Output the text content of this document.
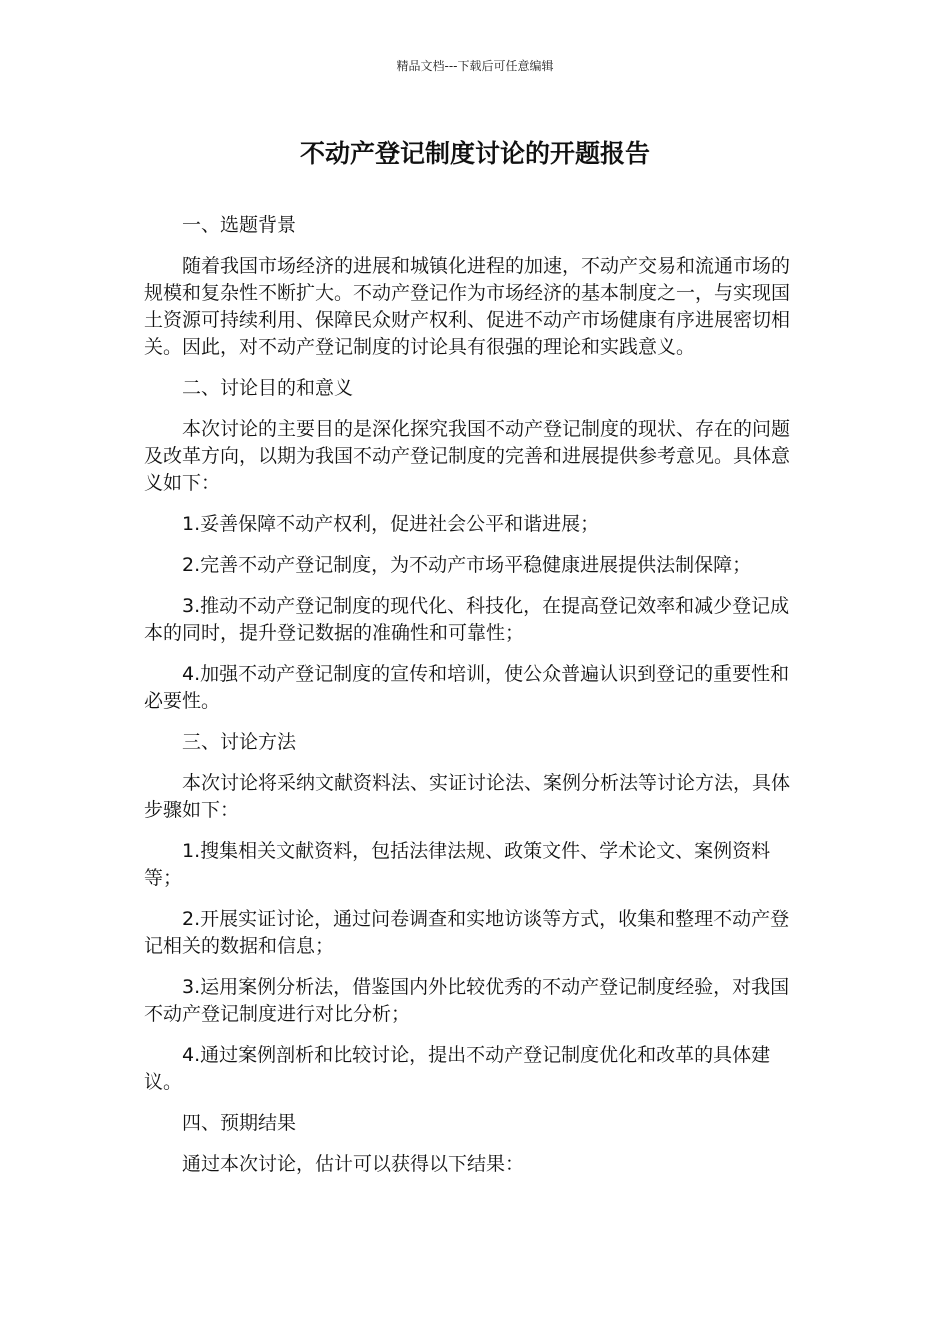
精品文档---下载后可任意编辑
不动产登记制度讨论的开题报告

一、选题背景

随着我国市场经济的进展和城镇化进程的加速，不动产交易和流通市场的规模和复杂性不断扩大。不动产登记作为市场经济的基本制度之一，与实现国土资源可持续利用、保障民众财产权利、促进不动产市场健康有序进展密切相关。因此，对不动产登记制度的讨论具有很强的理论和实践意义。

二、讨论目的和意义

本次讨论的主要目的是深化探究我国不动产登记制度的现状、存在的问题及改革方向，以期为我国不动产登记制度的完善和进展提供参考意见。具体意义如下：

1.妥善保障不动产权利，促进社会公平和谐进展；

2.完善不动产登记制度，为不动产市场平稳健康进展提供法制保障；

3.推动不动产登记制度的现代化、科技化，在提高登记效率和减少登记成本的同时，提升登记数据的准确性和可靠性；

4.加强不动产登记制度的宣传和培训，使公众普遍认识到登记的重要性和必要性。

三、讨论方法

本次讨论将采纳文献资料法、实证讨论法、案例分析法等讨论方法，具体步骤如下：

1.搜集相关文献资料，包括法律法规、政策文件、学术论文、案例资料等；

2.开展实证讨论，通过问卷调查和实地访谈等方式，收集和整理不动产登记相关的数据和信息；

3.运用案例分析法，借鉴国内外比较优秀的不动产登记制度经验，对我国不动产登记制度进行对比分析；

4.通过案例剖析和比较讨论，提出不动产登记制度优化和改革的具体建议。

四、预期结果

通过本次讨论，估计可以获得以下结果：
